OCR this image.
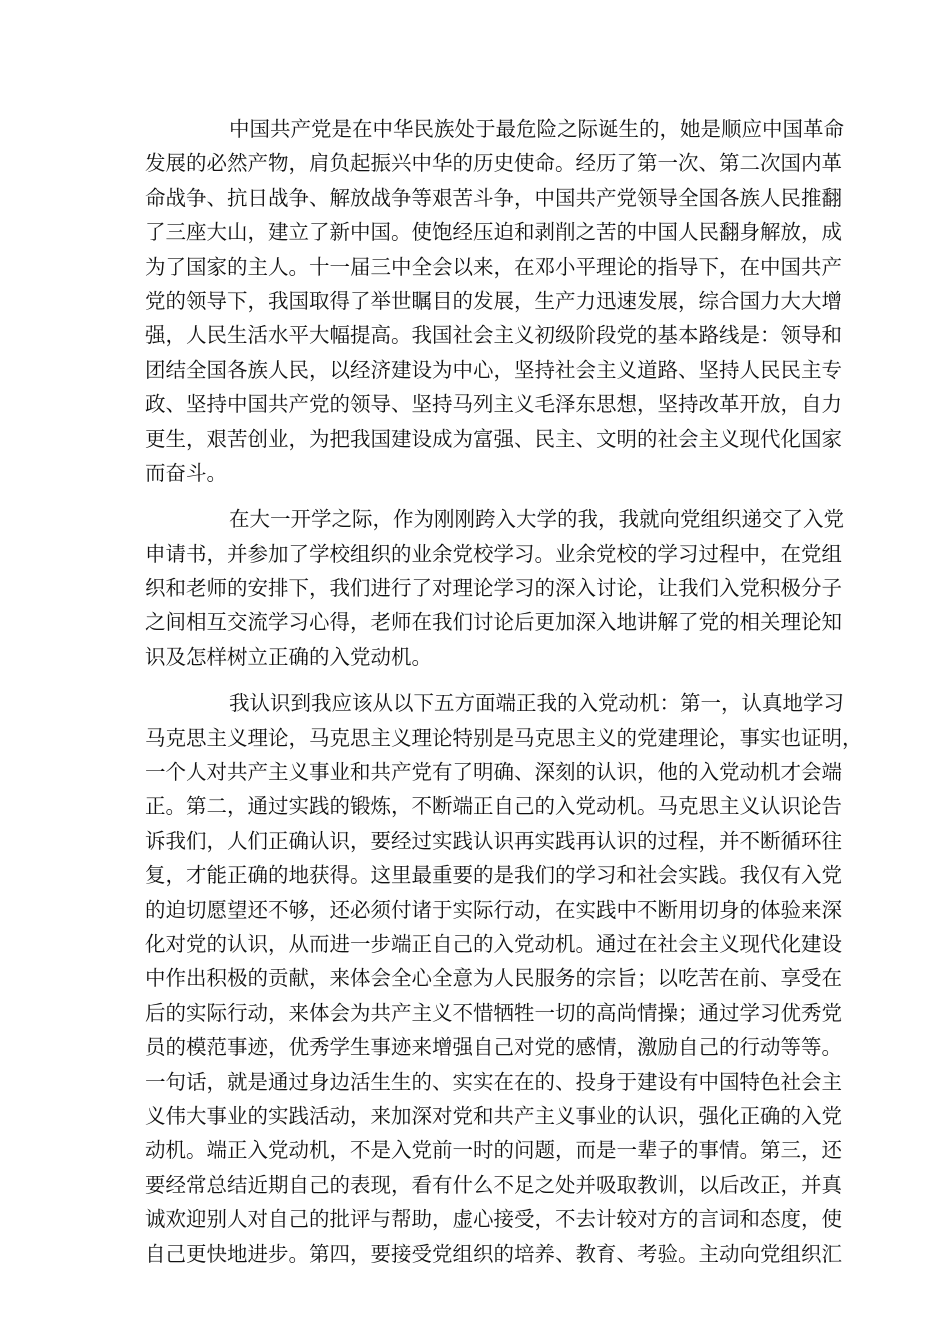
中国共产党是在中华民族处于最危险之际诞生的，她是顺应中国革命
发展的必然产物，肩负起振兴中华的历史使命。经历了第一次、第二次国内革
命战争、抗日战争、解放战争等艰苦斗争，中国共产党领导全国各族人民推翻
了三座大山，建立了新中国。使饱经压迫和剥削之苦的中国人民翻身解放，成
为了国家的主人。十一届三中全会以来，在邓小平理论的指导下，在中国共产
党的领导下，我国取得了举世瞩目的发展，生产力迅速发展，综合国力大大增
强，人民生活水平大幅提高。我国社会主义初级阶段党的基本路线是：领导和
团结全国各族人民，以经济建设为中心，坚持社会主义道路、坚持人民民主专
政、坚持中国共产党的领导、坚持马列主义毛泽东思想，坚持改革开放，自力
更生，艰苦创业，为把我国建设成为富强、民主、文明的社会主义现代化国家
而奋斗。
在大一开学之际，作为刚刚跨入大学的我，我就向党组织递交了入党
申请书，并参加了学校组织的业余党校学习。业余党校的学习过程中，在党组
织和老师的安排下，我们进行了对理论学习的深入讨论，让我们入党积极分子
之间相互交流学习心得，老师在我们讨论后更加深入地讲解了党的相关理论知
识及怎样树立正确的入党动机。
我认识到我应该从以下五方面端正我的入党动机：第一，认真地学习
马克思主义理论，马克思主义理论特别是马克思主义的党建理论，事实也证明，
一个人对共产主义事业和共产党有了明确、深刻的认识，他的入党动机才会端
正。第二，通过实践的锻炼，不断端正自己的入党动机。马克思主义认识论告
诉我们，人们正确认识，要经过实践认识再实践再认识的过程，并不断循环往
复，才能正确的地获得。这里最重要的是我们的学习和社会实践。我仅有入党
的迫切愿望还不够，还必须付诸于实际行动，在实践中不断用切身的体验来深
化对党的认识，从而进一步端正自己的入党动机。通过在社会主义现代化建设
中作出积极的贡献，来体会全心全意为人民服务的宗旨；以吃苦在前、享受在
后的实际行动，来体会为共产主义不惜牺牲一切的高尚情操；通过学习优秀党
员的模范事迹，优秀学生事迹来增强自己对党的感情，激励自己的行动等等。
一句话，就是通过身边活生生的、实实在在的、投身于建设有中国特色社会主
义伟大事业的实践活动，来加深对党和共产主义事业的认识，强化正确的入党
动机。端正入党动机，不是入党前一时的问题，而是一辈子的事情。第三，还
要经常总结近期自己的表现，看有什么不足之处并吸取教训，以后改正，并真
诚欢迎别人对自己的批评与帮助，虚心接受，不去计较对方的言词和态度，使
自己更快地进步。第四，要接受党组织的培养、教育、考验。主动向党组织汇
